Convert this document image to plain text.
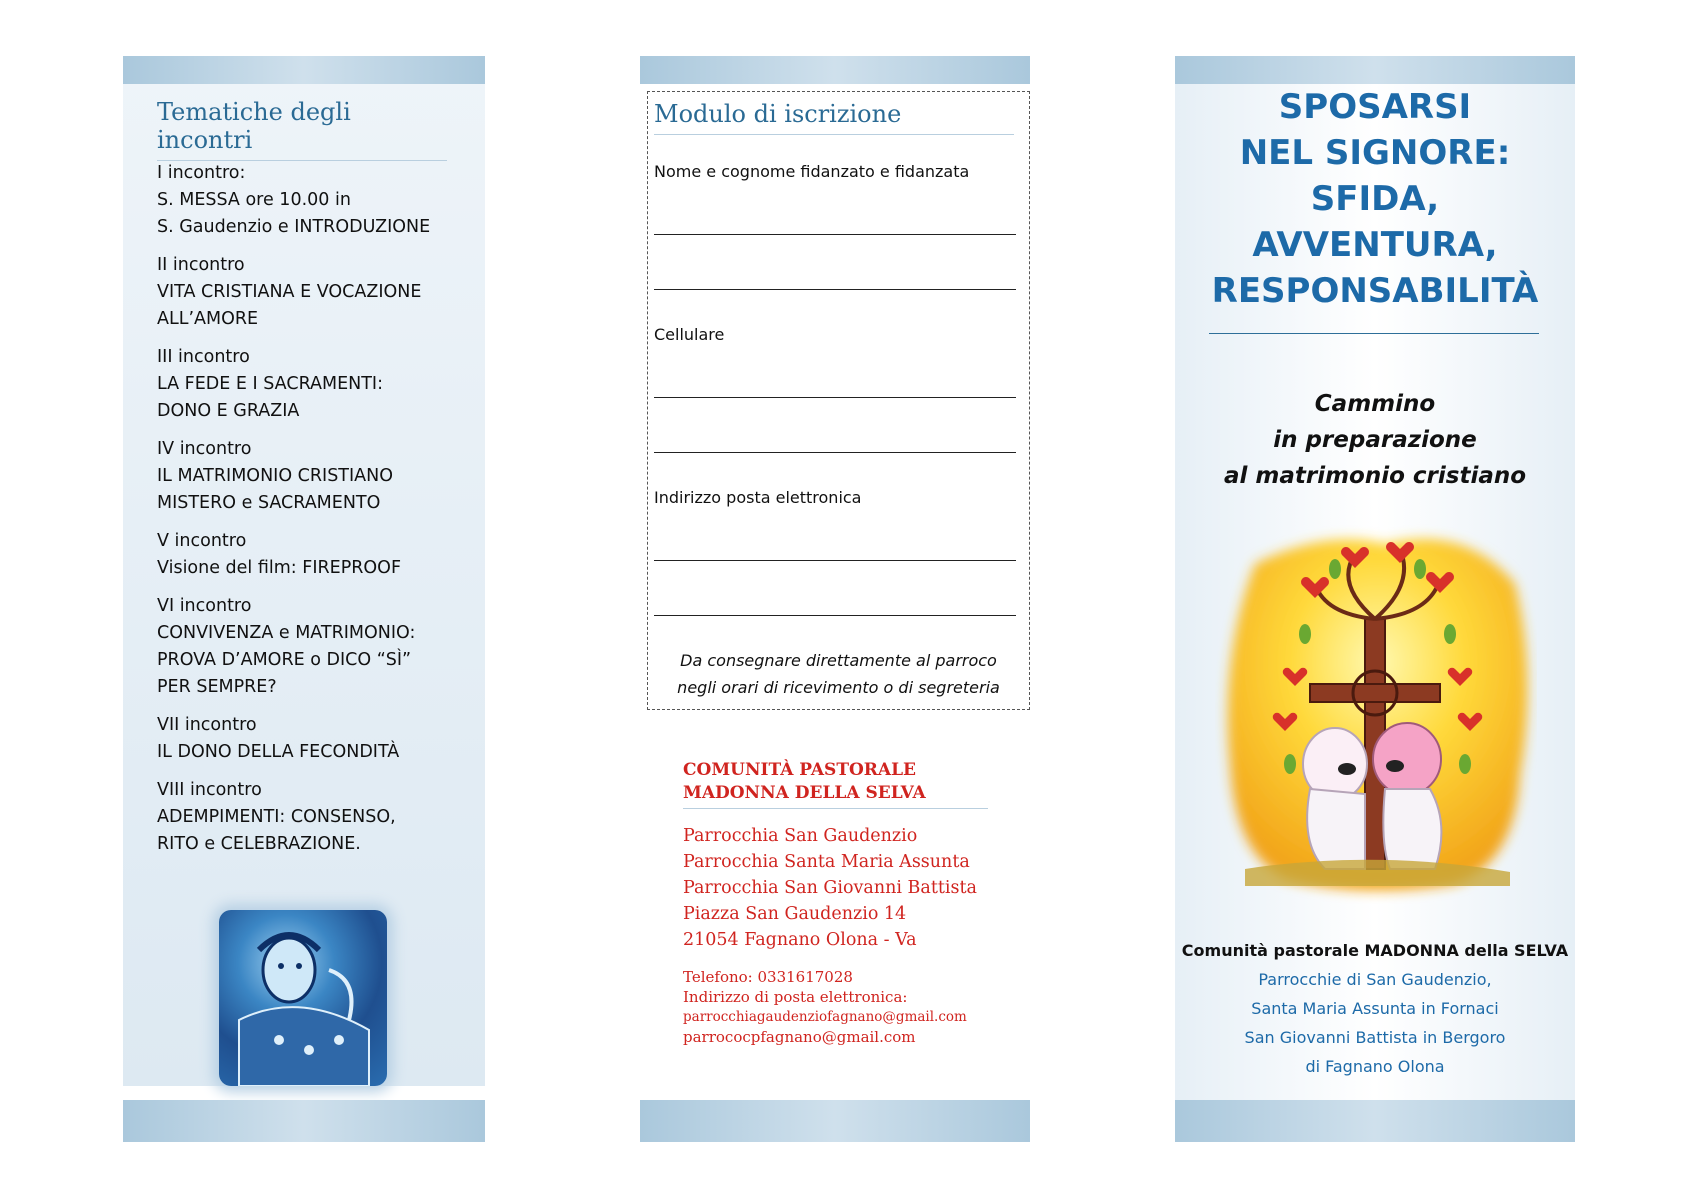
Tematiche degli incontri
I incontro:
S. MESSA ore 10.00 in
S. Gaudenzio e INTRODUZIONE
II incontro
VITA CRISTIANA E VOCAZIONE
ALL’AMORE
III incontro
LA FEDE E I SACRAMENTI:
DONO E GRAZIA
IV incontro
IL MATRIMONIO CRISTIANO
MISTERO e SACRAMENTO
V incontro
Visione del film: FIREPROOF
VI incontro
CONVIVENZA e MATRIMONIO:
PROVA D’AMORE o DICO “SÌ”
PER SEMPRE?
VII incontro
IL DONO DELLA FECONDITÀ
VIII incontro
ADEMPIMENTI: CONSENSO,
RITO e CELEBRAZIONE.
Modulo di iscrizione
Nome e cognome fidanzato e fidanzata
Cellulare
Indirizzo posta elettronica
Da consegnare direttamente al parroco
negli orari di ricevimento o di segreteria
COMUNITÀ PASTORALE
MADONNA DELLA SELVA
Parrocchia San Gaudenzio
Parrocchia Santa Maria Assunta
Parrocchia San Giovanni Battista
Piazza San Gaudenzio 14
21054 Fagnano Olona - Va
Telefono: 0331617028
Indirizzo di posta elettronica:
parrocchiagaudenziofagnano@gmail.com
parrococpfagnano@gmail.com
SPOSARSI
NEL SIGNORE:
SFIDA,
AVVENTURA,
RESPONSABILITÀ
Cammino
in preparazione
al matrimonio cristiano
Comunità pastorale MADONNA della SELVA
Parrocchie di San Gaudenzio,
Santa Maria Assunta in Fornaci
San Giovanni Battista in Bergoro
di Fagnano Olona
